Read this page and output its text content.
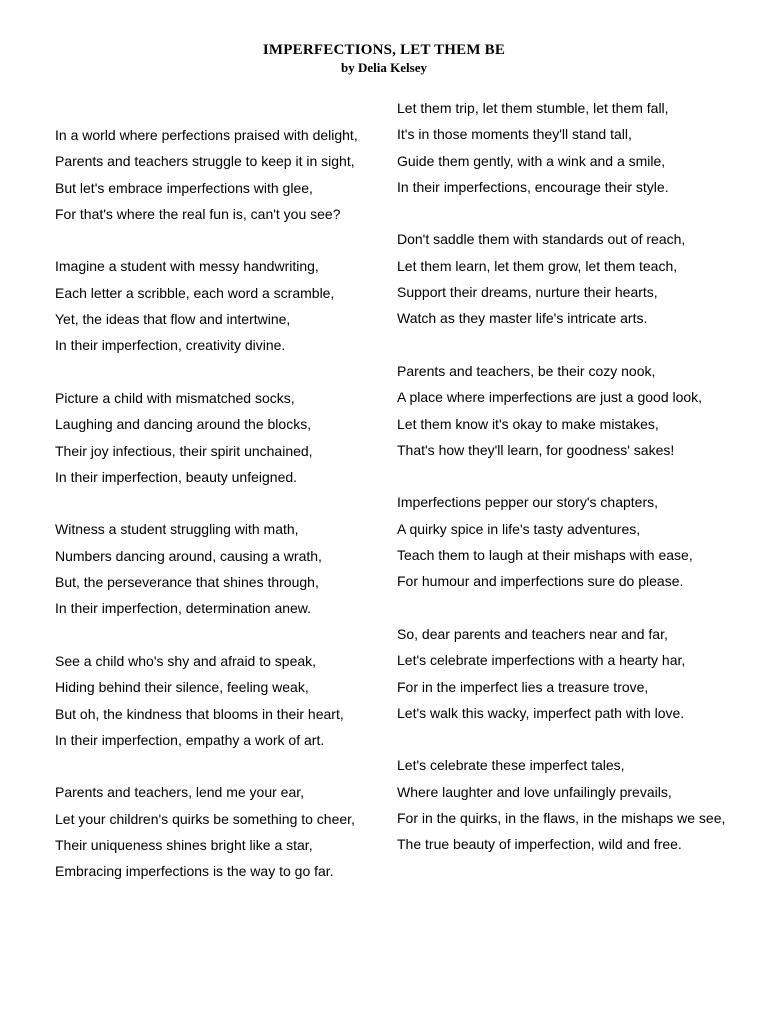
IMPERFECTIONS, LET THEM BE
by Delia Kelsey
In a world where perfections praised with delight,
Parents and teachers struggle to keep it in sight,
But let's embrace imperfections with glee,
For that's where the real fun is, can't you see?
Imagine a student with messy handwriting,
Each letter a scribble, each word a scramble,
Yet, the ideas that flow and intertwine,
In their imperfection, creativity divine.
Picture a child with mismatched socks,
Laughing and dancing around the blocks,
Their joy infectious, their spirit unchained,
In their imperfection, beauty unfeigned.
Witness a student struggling with math,
Numbers dancing around, causing a wrath,
But, the perseverance that shines through,
In their imperfection, determination anew.
See a child who's shy and afraid to speak,
Hiding behind their silence, feeling weak,
But oh, the kindness that blooms in their heart,
In their imperfection, empathy a work of art.
Parents and teachers, lend me your ear,
Let your children's quirks be something to cheer,
Their uniqueness shines bright like a star,
Embracing imperfections is the way to go far.
Let them trip, let them stumble, let them fall,
It's in those moments they'll stand tall,
Guide them gently, with a wink and a smile,
In their imperfections, encourage their style.
Don't saddle them with standards out of reach,
Let them learn, let them grow, let them teach,
Support their dreams, nurture their hearts,
Watch as they master life's intricate arts.
Parents and teachers, be their cozy nook,
A place where imperfections are just a good look,
Let them know it's okay to make mistakes,
That's how they'll learn, for goodness' sakes!
Imperfections pepper our story's chapters,
A quirky spice in life's tasty adventures,
Teach them to laugh at their mishaps with ease,
For humour and imperfections sure do please.
So, dear parents and teachers near and far,
Let's celebrate imperfections with a hearty har,
For in the imperfect lies a treasure trove,
Let's walk this wacky, imperfect path with love.
Let's celebrate these imperfect tales,
Where laughter and love unfailingly prevails,
For in the quirks, in the flaws, in the mishaps we see,
The true beauty of imperfection, wild and free.
